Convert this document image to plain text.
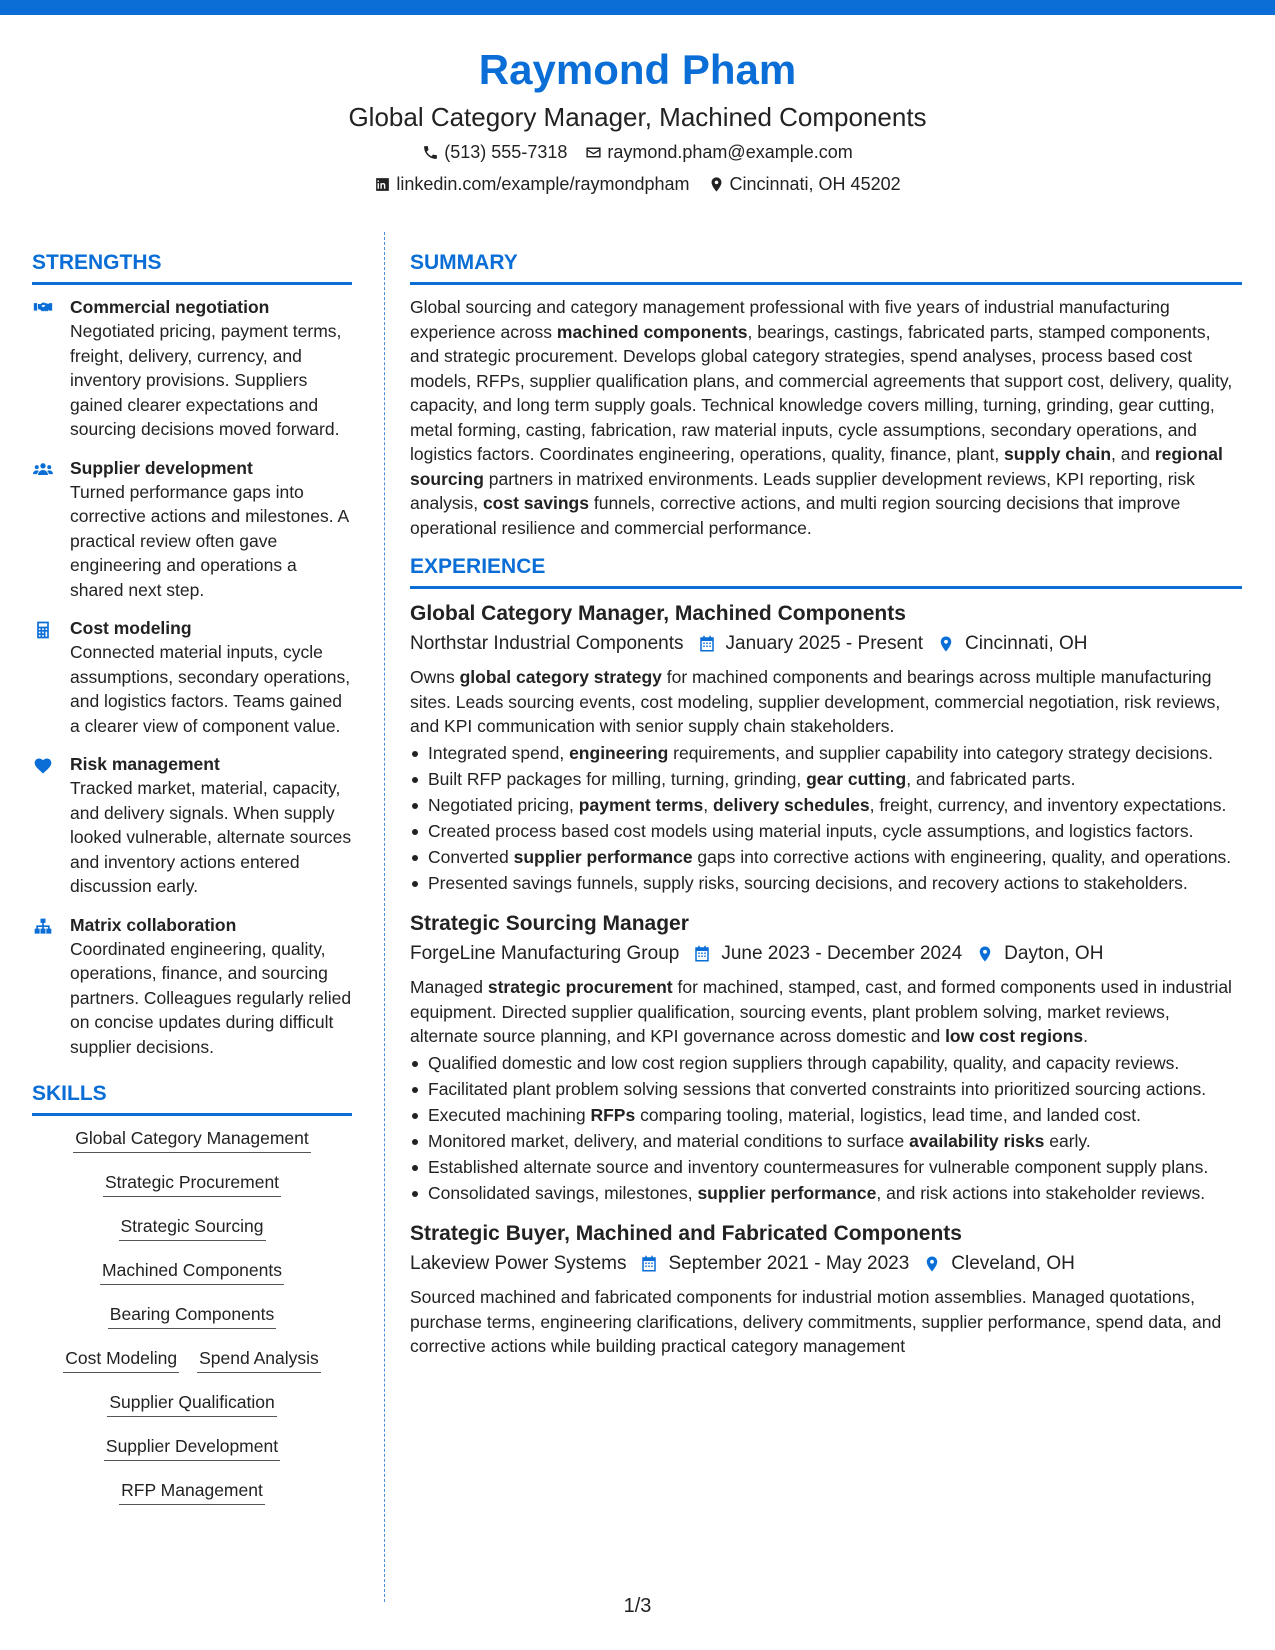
Raymond Pham
Global Category Manager, Machined Components
(513) 555-7318 raymond.pham@example.com
linkedin.com/example/raymondpham Cincinnati, OH 45202
STRENGTHS
Commercial negotiation
Negotiated pricing, payment terms, freight, delivery, currency, and inventory provisions. Suppliers gained clearer expectations and sourcing decisions moved forward.
Supplier development
Turned performance gaps into corrective actions and milestones. A practical review often gave engineering and operations a shared next step.
Cost modeling
Connected material inputs, cycle assumptions, secondary operations, and logistics factors. Teams gained a clearer view of component value.
Risk management
Tracked market, material, capacity, and delivery signals. When supply looked vulnerable, alternate sources and inventory actions entered discussion early.
Matrix collaboration
Coordinated engineering, quality, operations, finance, and sourcing partners. Colleagues regularly relied on concise updates during difficult supplier decisions.
SKILLS
Global Category Management
Strategic Procurement
Strategic Sourcing
Machined Components
Bearing Components
Cost Modeling Spend Analysis
Supplier Qualification
Supplier Development
RFP Management
SUMMARY
Global sourcing and category management professional with five years of industrial manufacturing experience across machined components, bearings, castings, fabricated parts, stamped components, and strategic procurement. Develops global category strategies, spend analyses, process based cost models, RFPs, supplier qualification plans, and commercial agreements that support cost, delivery, quality, capacity, and long term supply goals. Technical knowledge covers milling, turning, grinding, gear cutting, metal forming, casting, fabrication, raw material inputs, cycle assumptions, secondary operations, and logistics factors. Coordinates engineering, operations, quality, finance, plant, supply chain, and regional sourcing partners in matrixed environments. Leads supplier development reviews, KPI reporting, risk analysis, cost savings funnels, corrective actions, and multi region sourcing decisions that improve operational resilience and commercial performance.
EXPERIENCE
Global Category Manager, Machined Components
Northstar Industrial Components January 2025 - Present Cincinnati, OH
Owns global category strategy for machined components and bearings across multiple manufacturing sites. Leads sourcing events, cost modeling, supplier development, commercial negotiation, risk reviews, and KPI communication with senior supply chain stakeholders.
Integrated spend, engineering requirements, and supplier capability into category strategy decisions.
Built RFP packages for milling, turning, grinding, gear cutting, and fabricated parts.
Negotiated pricing, payment terms, delivery schedules, freight, currency, and inventory expectations.
Created process based cost models using material inputs, cycle assumptions, and logistics factors.
Converted supplier performance gaps into corrective actions with engineering, quality, and operations.
Presented savings funnels, supply risks, sourcing decisions, and recovery actions to stakeholders.
Strategic Sourcing Manager
ForgeLine Manufacturing Group June 2023 - December 2024 Dayton, OH
Managed strategic procurement for machined, stamped, cast, and formed components used in industrial equipment. Directed supplier qualification, sourcing events, plant problem solving, market reviews, alternate source planning, and KPI governance across domestic and low cost regions.
Qualified domestic and low cost region suppliers through capability, quality, and capacity reviews.
Facilitated plant problem solving sessions that converted constraints into prioritized sourcing actions.
Executed machining RFPs comparing tooling, material, logistics, lead time, and landed cost.
Monitored market, delivery, and material conditions to surface availability risks early.
Established alternate source and inventory countermeasures for vulnerable component supply plans.
Consolidated savings, milestones, supplier performance, and risk actions into stakeholder reviews.
Strategic Buyer, Machined and Fabricated Components
Lakeview Power Systems September 2021 - May 2023 Cleveland, OH
Sourced machined and fabricated components for industrial motion assemblies. Managed quotations, purchase terms, engineering clarifications, delivery commitments, supplier performance, spend data, and corrective actions while building practical category management
1/3
